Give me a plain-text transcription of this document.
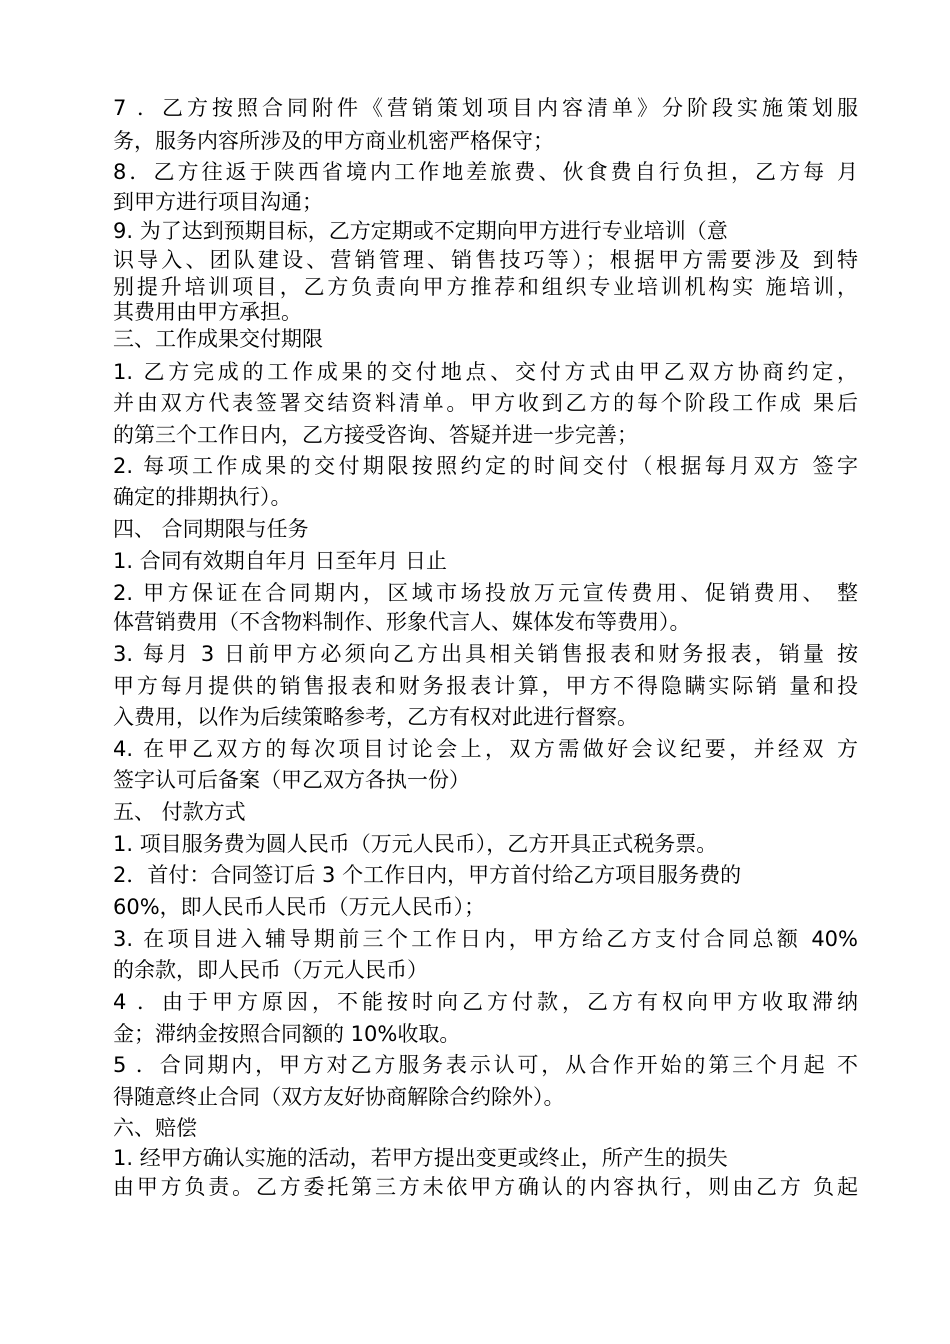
7 ．乙方按照合同附件《营销策划项目内容清单》分阶段实施策划服
务，服务内容所涉及的甲方商业机密严格保守；
8．乙方往返于陕西省境内工作地差旅费、伙食费自行负担，乙方每 月
到甲方进行项目沟通；
9. 为了达到预期目标，乙方定期或不定期向甲方进行专业培训（意
识导入、团队建设、营销管理、销售技巧等）；根据甲方需要涉及 到特
别提升培训项目，乙方负责向甲方推荐和组织专业培训机构实 施培训，
其费用由甲方承担。
三、工作成果交付期限
1. 乙方完成的工作成果的交付地点、交付方式由甲乙双方协商约定，
并由双方代表签署交结资料清单。甲方收到乙方的每个阶段工作成 果后
的第三个工作日内，乙方接受咨询、答疑并进一步完善；
2. 每项工作成果的交付期限按照约定的时间交付（根据每月双方 签字
确定的排期执行）。
四、 合同期限与任务
1. 合同有效期自年月 日至年月 日止
2. 甲方保证在合同期内，区域市场投放万元宣传费用、促销费用、 整
体营销费用（不含物料制作、形象代言人、媒体发布等费用）。
3. 每月 3 日前甲方必须向乙方出具相关销售报表和财务报表，销量 按
甲方每月提供的销售报表和财务报表计算，甲方不得隐瞒实际销 量和投
入费用，以作为后续策略参考，乙方有权对此进行督察。
4. 在甲乙双方的每次项目讨论会上，双方需做好会议纪要，并经双 方
签字认可后备案（甲乙双方各执一份）
五、 付款方式
1. 项目服务费为圆人民币（万元人民币），乙方开具正式税务票。
2．首付：合同签订后 3 个工作日内，甲方首付给乙方项目服务费的
60%，即人民币人民币（万元人民币）；
3. 在项目进入辅导期前三个工作日内，甲方给乙方支付合同总额 40%
的余款，即人民币（万元人民币）
4 ．由于甲方原因，不能按时向乙方付款，乙方有权向甲方收取滞纳
金；滞纳金按照合同额的 10%收取。
5 ．合同期内，甲方对乙方服务表示认可，从合作开始的第三个月起 不
得随意终止合同（双方友好协商解除合约除外）。
六、赔偿
1. 经甲方确认实施的活动，若甲方提出变更或终止，所产生的损失
由甲方负责。乙方委托第三方未依甲方确认的内容执行，则由乙方 负起
